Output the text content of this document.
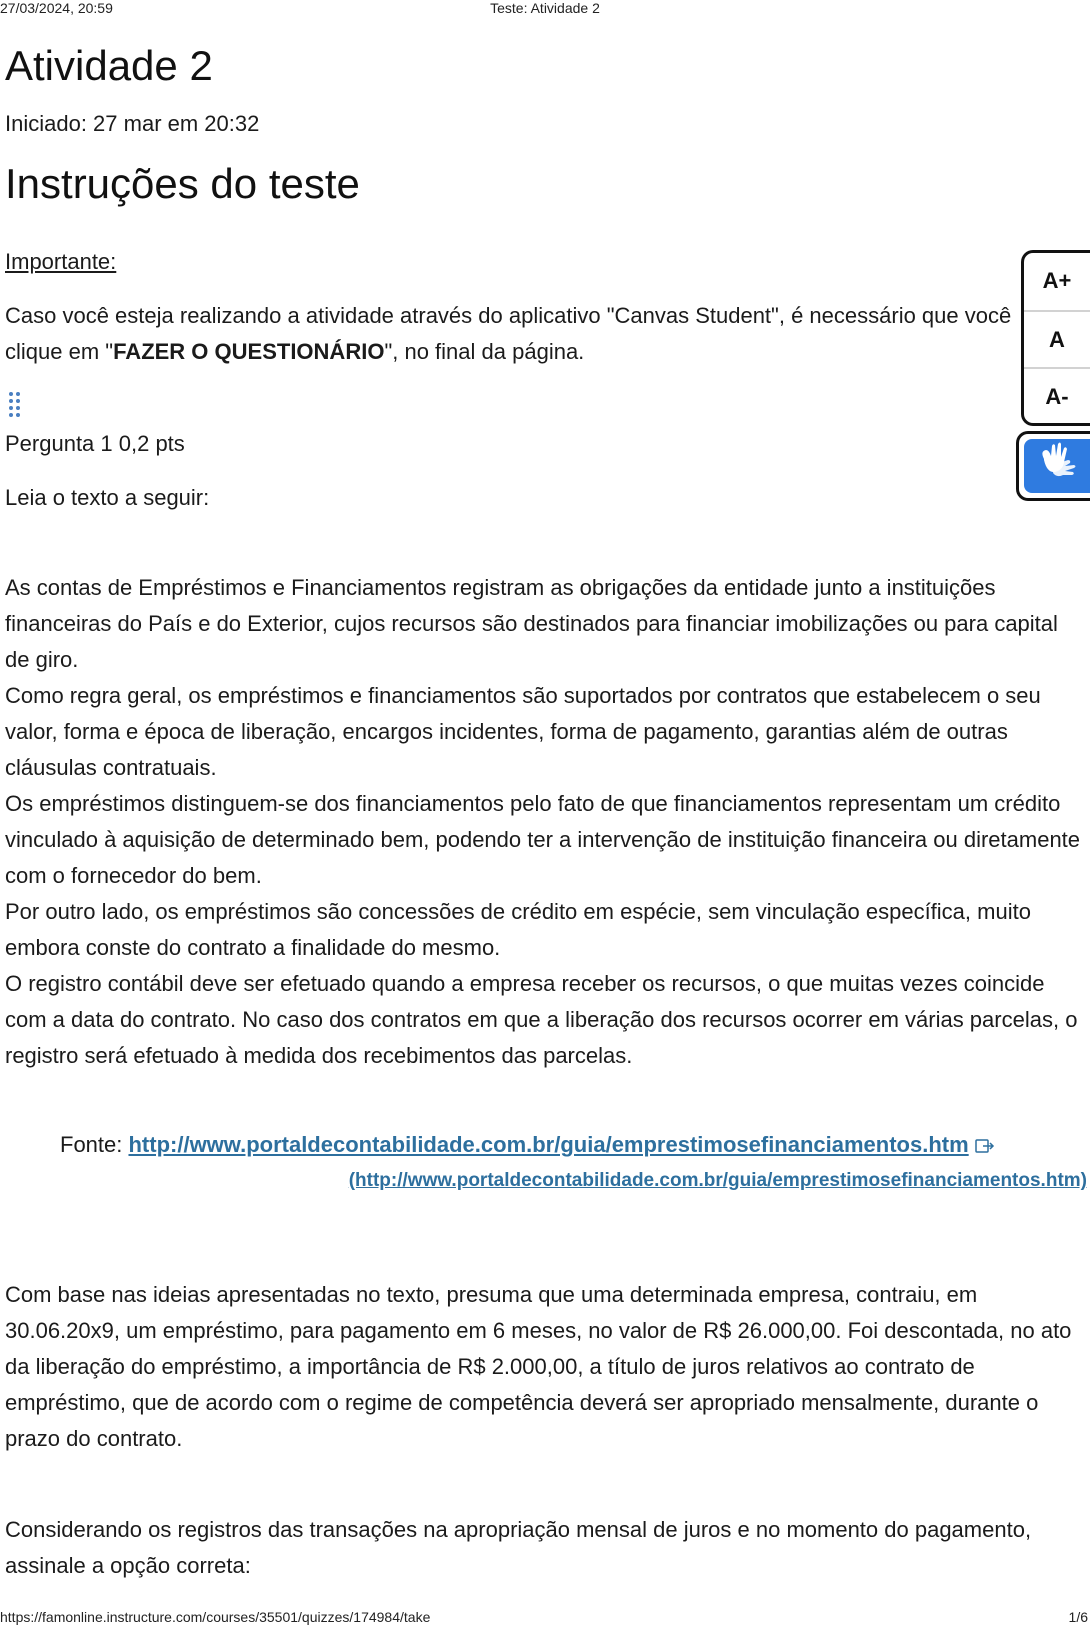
27/03/2024, 20:59	Teste: Atividade 2
Atividade 2
Iniciado: 27 mar em 20:32
Instruções do teste
Importante:
Caso você esteja realizando a atividade através do aplicativo "Canvas Student", é necessário que você clique em "FAZER O QUESTIONÁRIO", no final da página.
Pergunta 1 0,2 pts
Leia o texto a seguir:

As contas de Empréstimos e Financiamentos registram as obrigações da entidade junto a instituições financeiras do País e do Exterior, cujos recursos são destinados para financiar imobilizações ou para capital de giro.

Como regra geral, os empréstimos e financiamentos são suportados por contratos que estabelecem o seu valor, forma e época de liberação, encargos incidentes, forma de pagamento, garantias além de outras cláusulas contratuais.

Os empréstimos distinguem-se dos financiamentos pelo fato de que financiamentos representam um crédito vinculado à aquisição de determinado bem, podendo ter a intervenção de instituição financeira ou diretamente com o fornecedor do bem.

Por outro lado, os empréstimos são concessões de crédito em espécie, sem vinculação específica, muito embora conste do contrato a finalidade do mesmo.

O registro contábil deve ser efetuado quando a empresa receber os recursos, o que muitas vezes coincide com a data do contrato. No caso dos contratos em que a liberação dos recursos ocorrer em várias parcelas, o registro será efetuado à medida dos recebimentos das parcelas.

Fonte: http://www.portaldecontabilidade.com.br/guia/emprestimosefinanciamentos.htm
(http://www.portaldecontabilidade.com.br/guia/emprestimosefinanciamentos.htm)
Com base nas ideias apresentadas no texto, presuma que uma determinada empresa, contraiu, em 30.06.20x9, um empréstimo, para pagamento em 6 meses, no valor de R$ 26.000,00. Foi descontada, no ato da liberação do empréstimo, a importância de R$ 2.000,00, a título de juros relativos ao contrato de empréstimo, que de acordo com o regime de competência deverá ser apropriado mensalmente, durante o prazo do contrato.
Considerando os registros das transações na apropriação mensal de juros e no momento do pagamento, assinale a opção correta:
A+
A
A-
https://famonline.instructure.com/courses/35501/quizzes/174984/take	1/6
